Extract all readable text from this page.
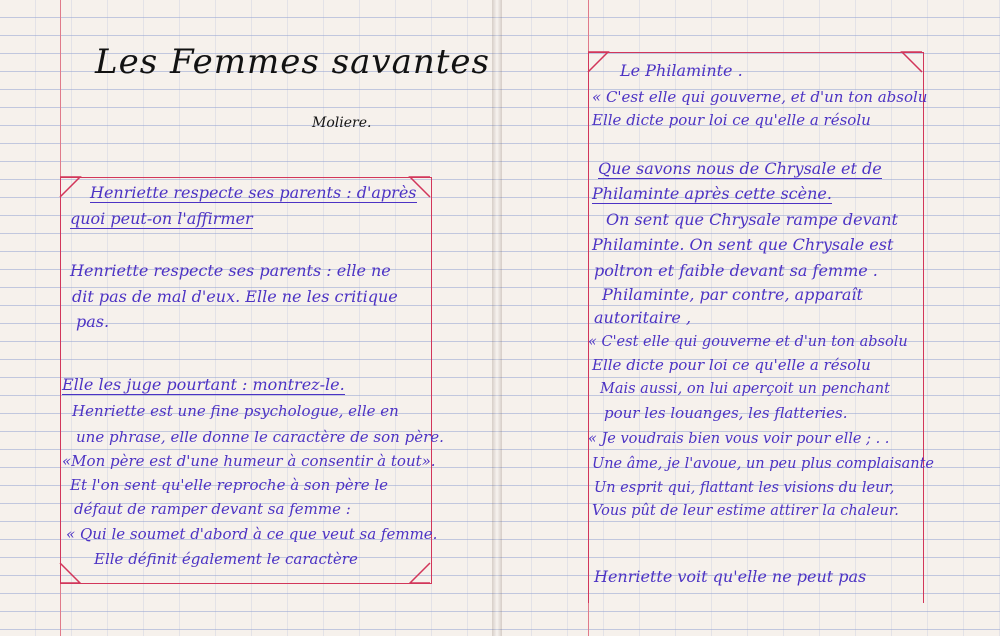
Les Femmes savantes
Moliere.
Henriette respecte ses parents : d'après
quoi peut-on l'affirmer
Henriette respecte ses parents : elle ne
dit pas de mal d'eux. Elle ne les critique
pas.
Elle les juge pourtant : montrez-le.
Henriette est une fine psychologue, elle en
une phrase, elle donne le caractère de son père.
«Mon père est d'une humeur à consentir à tout».
Et l'on sent qu'elle reproche à son père le
défaut de ramper devant sa femme :
« Qui le soumet d'abord à ce que veut sa femme.
Elle définit également le caractère
Le Philaminte .
« C'est elle qui gouverne, et d'un ton absolu
Elle dicte pour loi ce qu'elle a résolu
Que savons nous de Chrysale et de
Philaminte après cette scène.
On sent que Chrysale rampe devant
Philaminte. On sent que Chrysale est
poltron et faible devant sa femme .
Philaminte, par contre, apparaît
autoritaire ,
« C'est elle qui gouverne et d'un ton absolu
Elle dicte pour loi ce qu'elle a résolu
Mais aussi, on lui aperçoit un penchant
pour les louanges, les flatteries.
« Je voudrais bien vous voir pour elle ; . .
Une âme, je l'avoue, un peu plus complaisante
Un esprit qui, flattant les visions du leur,
Vous pût de leur estime attirer la chaleur.
Henriette voit qu'elle ne peut pas
